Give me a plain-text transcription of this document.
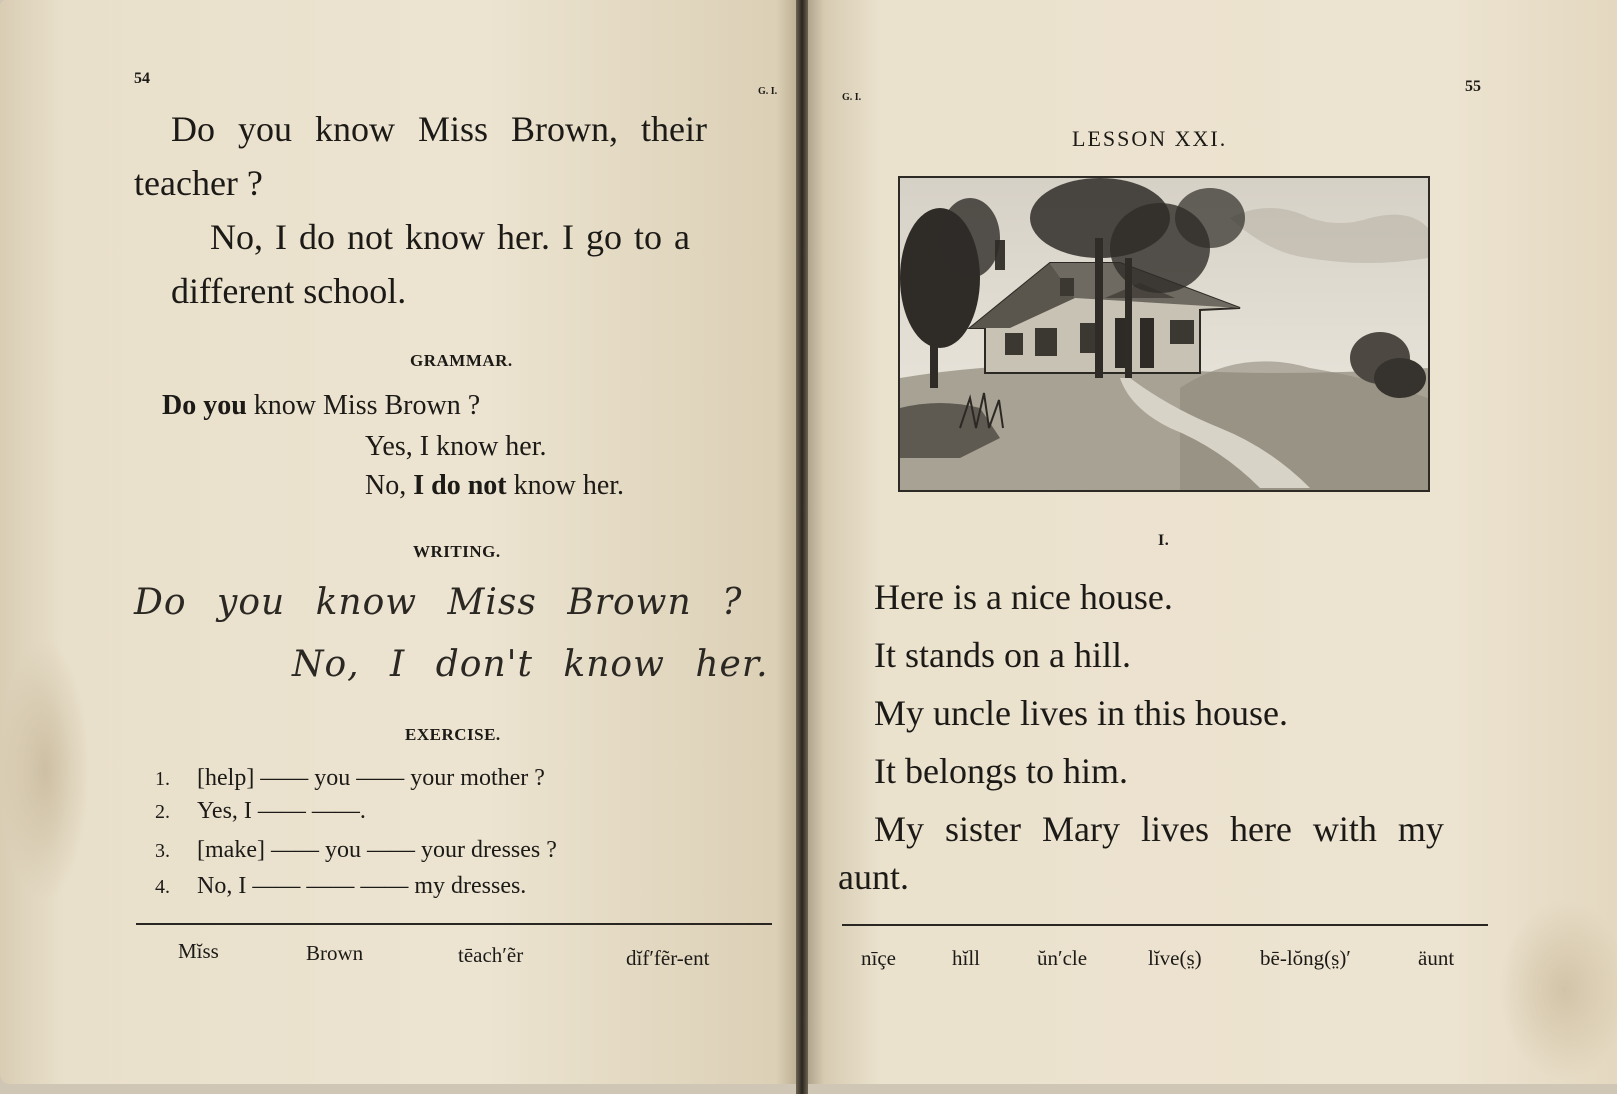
54
G. I.
Do you know Miss Brown, their
teacher ?
No, I do not know her. I go to a
different school.
GRAMMAR.
Do you know Miss Brown ?
Yes, I know her.
No, I do not know her.
WRITING.
Do you know Miss Brown ?
No, I don't know her.
EXERCISE.
1. [help] —— you —— your mother ?
2. Yes, I —— ——.
3. [make] —— you —— your dresses ?
4. No, I —— —— —— my dresses.
Mĭss	Brown	tēach′ẽr	dĭf′fẽr-ent
G. I.
55
LESSON XXI.
I.
Here is a nice house.
It stands on a hill.
My uncle lives in this house.
It belongs to him.
My sister Mary lives here with my
aunt.
nīçe	hĭll	ŭn′cle	lĭve(s̤)	bē-lŏng(s̤)′	äunt
